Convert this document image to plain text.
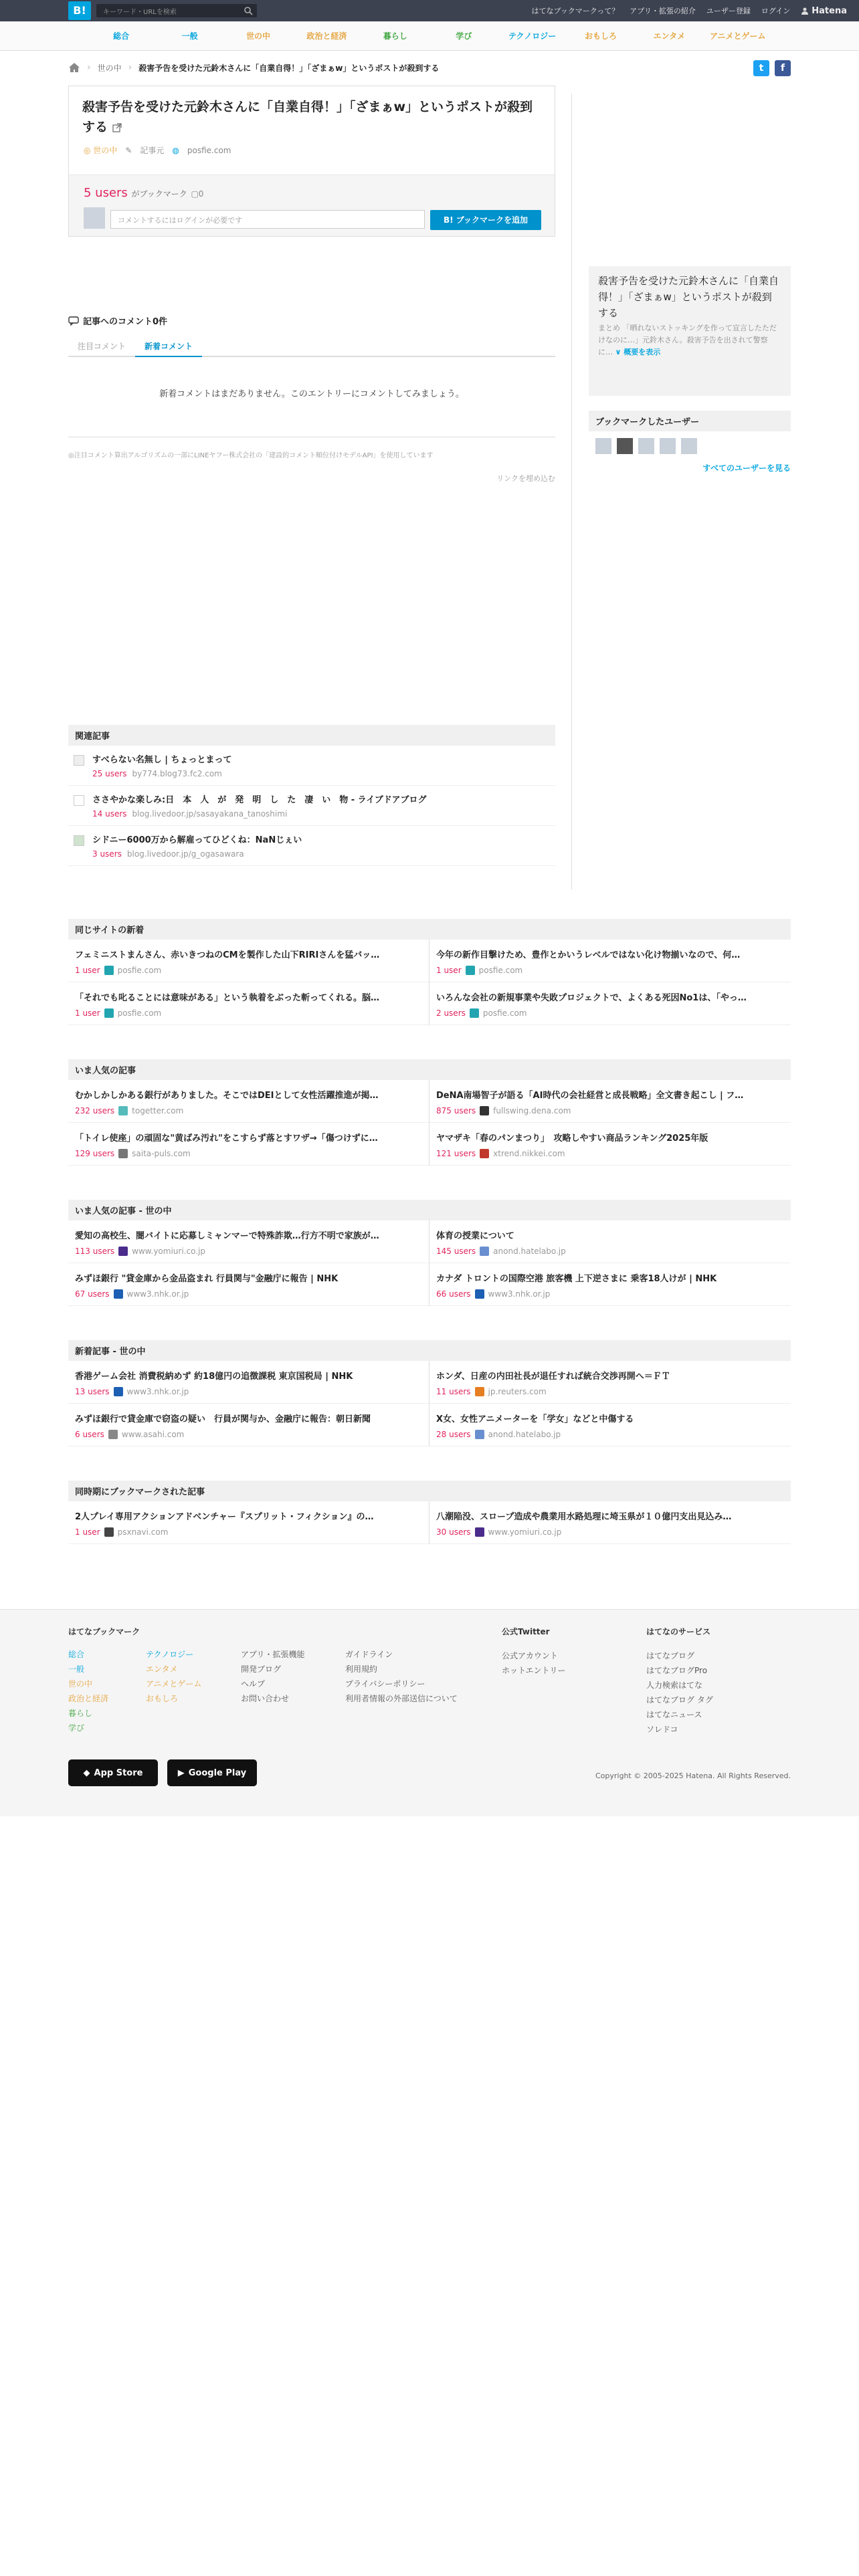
B!	キーワード・URLを検索	はてなブックマークって？ アプリ・拡張の紹介 ユーザー登録 ログイン Hatena
総合	一般	世の中	政治と経済	暮らし	学び	テクノロジー	おもしろ	エンタメ	アニメとゲーム
› 世の中 › 殺害予告を受けた元鈴木さんに「自業自得！」「ざまぁw」というポストが殺到する	t	f
殺害予告を受けた元鈴木さんに「自業自得！」「ざまぁw」というポストが殺到する
◎ 世の中 ✎ 記事元 ◍ posfie.com
5 users がブックマーク ▢0
コメントするにはログインが必要です	B! ブックマークを追加
殺害予告を受けた元鈴木さんに「自業自得！」「ざまぁw」というポストが殺到する
まとめ 「晒れないストッキングを作って宣言したただけなのに…」元鈴木さん。殺害予告を出されて警察に… ∨ 概要を表示
ブックマークしたユーザー
すべてのユーザーを見る
記事へのコメント0件
注目コメント	新着コメント
新着コメントはまだありません。このエントリーにコメントしてみましょう。
◎注目コメント算出アルゴリズムの一部にLINEヤフー株式会社の「建設的コメント順位付けモデルAPI」を使用しています
リンクを埋め込む
関連記事
すべらない名無し | ちょっとまって
25 users by774.blog73.fc2.com
ささやかな楽しみ:日　本　人　が　発　明　し　た　凄　い　物 - ライブドアブログ
14 users blog.livedoor.jp/sasayakana_tanoshimi
シドニー6000万から解雇ってひどくね：NaNじぇい
3 users blog.livedoor.jp/g_ogasawara
同じサイトの新着
フェミニストまんさん、赤いきつねのCMを製作した山下RIRIさんを猛バッ…
1 user posfie.com
今年の新作目撃けため、豊作とかいうレベルではない化け物揃いなので、何…
1 user posfie.com
「それでも叱ることには意味がある」という執着をぶった斬ってくれる。脳…
1 user posfie.com
いろんな会社の新規事業や失敗プロジェクトで、よくある死因No1は、「やっ…
2 users posfie.com
いま人気の記事
むかしかしかある銀行がありました。そこではDEIとして女性活躍推進が掲…
232 users togetter.com
DeNA南場智子が語る「AI時代の会社経営と成長戦略」全文書き起こし | フ…
875 users fullswing.dena.com
「トイレ使座」の頑固な"黄ばみ汚れ"をこすらず落とすワザ→「傷つけずに…
129 users saita-puls.com
ヤマザキ「春のパンまつり」　攻略しやすい商品ランキング2025年版
121 users xtrend.nikkei.com
いま人気の記事 - 世の中
愛知の高校生、闇バイトに応募しミャンマーで特殊詐欺…行方不明で家族が…
113 users www.yomiuri.co.jp
体育の授業について
145 users anond.hatelabo.jp
みずほ銀行 "貸金庫から金品盗まれ 行員関与"金融庁に報告 | NHK
67 users www3.nhk.or.jp
カナダ トロントの国際空港 旅客機 上下逆さまに 乗客18人けが | NHK
66 users www3.nhk.or.jp
新着記事 - 世の中
香港ゲーム会社 消費税納めず 約18億円の追徴課税 東京国税局 | NHK
13 users www3.nhk.or.jp
ホンダ、日産の内田社長が退任すれば統合交渉再開へ＝ＦＴ
11 users jp.reuters.com
みずほ銀行で貸金庫で窃盗の疑い　行員が関与か、金融庁に報告：朝日新聞
6 users www.asahi.com
X女、女性アニメーターを「学女」などと中傷する
28 users anond.hatelabo.jp
同時期にブックマークされた記事
2人プレイ専用アクションアドベンチャー『スプリット・フィクション』の…
1 user psxnavi.com
八潮陥没、スロープ造成や農業用水路処理に埼玉県が１０億円支出見込み…
30 users www.yomiuri.co.jp
はてなブックマーク
総合
一般
世の中
政治と経済
暮らし
学び
テクノロジー
エンタメ
アニメとゲーム
おもしろ
アプリ・拡張機能
開発ブログ
ヘルプ
お問い合わせ
ガイドライン
利用規約
プライバシーポリシー
利用者情報の外部送信について
公式Twitter
公式アカウント
ホットエントリー
はてなのサービス
はてなブログ
はてなブログPro
人力検索はてな
はてなブログ タグ
はてなニュース
ソレドコ
◆ App Store	▶ Google Play	Copyright © 2005-2025 Hatena. All Rights Reserved.
